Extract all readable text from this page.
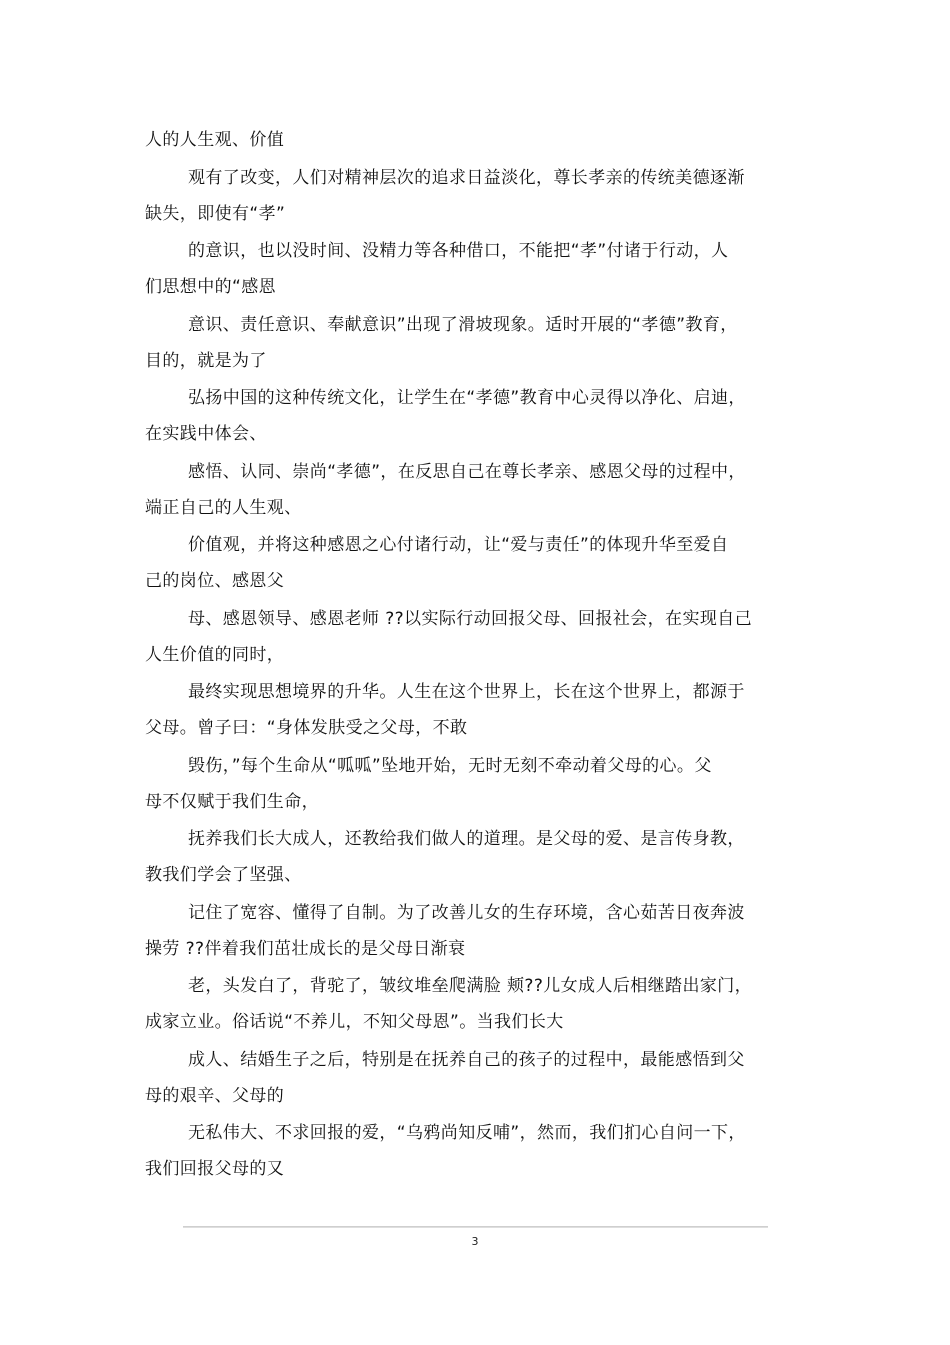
人的人生观、价值
观有了改变，人们对精神层次的追求日益淡化，尊长孝亲的传统美德逐渐
缺失，即使有“孝”
的意识，也以没时间、没精力等各种借口，不能把“孝”付诸于行动，人
们思想中的“感恩
意识、责任意识、奉献意识”出现了滑坡现象。适时开展的“孝德”教育，
目的，就是为了
弘扬中国的这种传统文化，让学生在“孝德”教育中心灵得以净化、启迪，
在实践中体会、
感悟、认同、崇尚“孝德”，在反思自己在尊长孝亲、感恩父母的过程中，
端正自己的人生观、
价值观，并将这种感恩之心付诸行动，让“爱与责任”的体现升华至爱自
己的岗位、感恩父
母、感恩领导、感恩老师 ??以实际行动回报父母、回报社会，在实现自己
人生价值的同时，
最终实现思想境界的升华。人生在这个世界上，长在这个世界上，都源于
父母。曾子曰：“身体发肤受之父母，不敢
毁伤，”每个生命从“呱呱”坠地开始，无时无刻不牵动着父母的心。父
母不仅赋于我们生命，
抚养我们长大成人，还教给我们做人的道理。是父母的爱、是言传身教，
教我们学会了坚强、
记住了宽容、懂得了自制。为了改善儿女的生存环境，含心茹苦日夜奔波
操劳 ??伴着我们茁壮成长的是父母日渐衰
老，头发白了，背驼了，皱纹堆垒爬满脸 颊??儿女成人后相继踏出家门，
成家立业。俗话说“不养儿，不知父母恩”。当我们长大
成人、结婚生子之后，特别是在抚养自己的孩子的过程中，最能感悟到父
母的艰辛、父母的
无私伟大、不求回报的爱，“乌鸦尚知反哺”，然而，我们扪心自问一下，
我们回报父母的又
3
